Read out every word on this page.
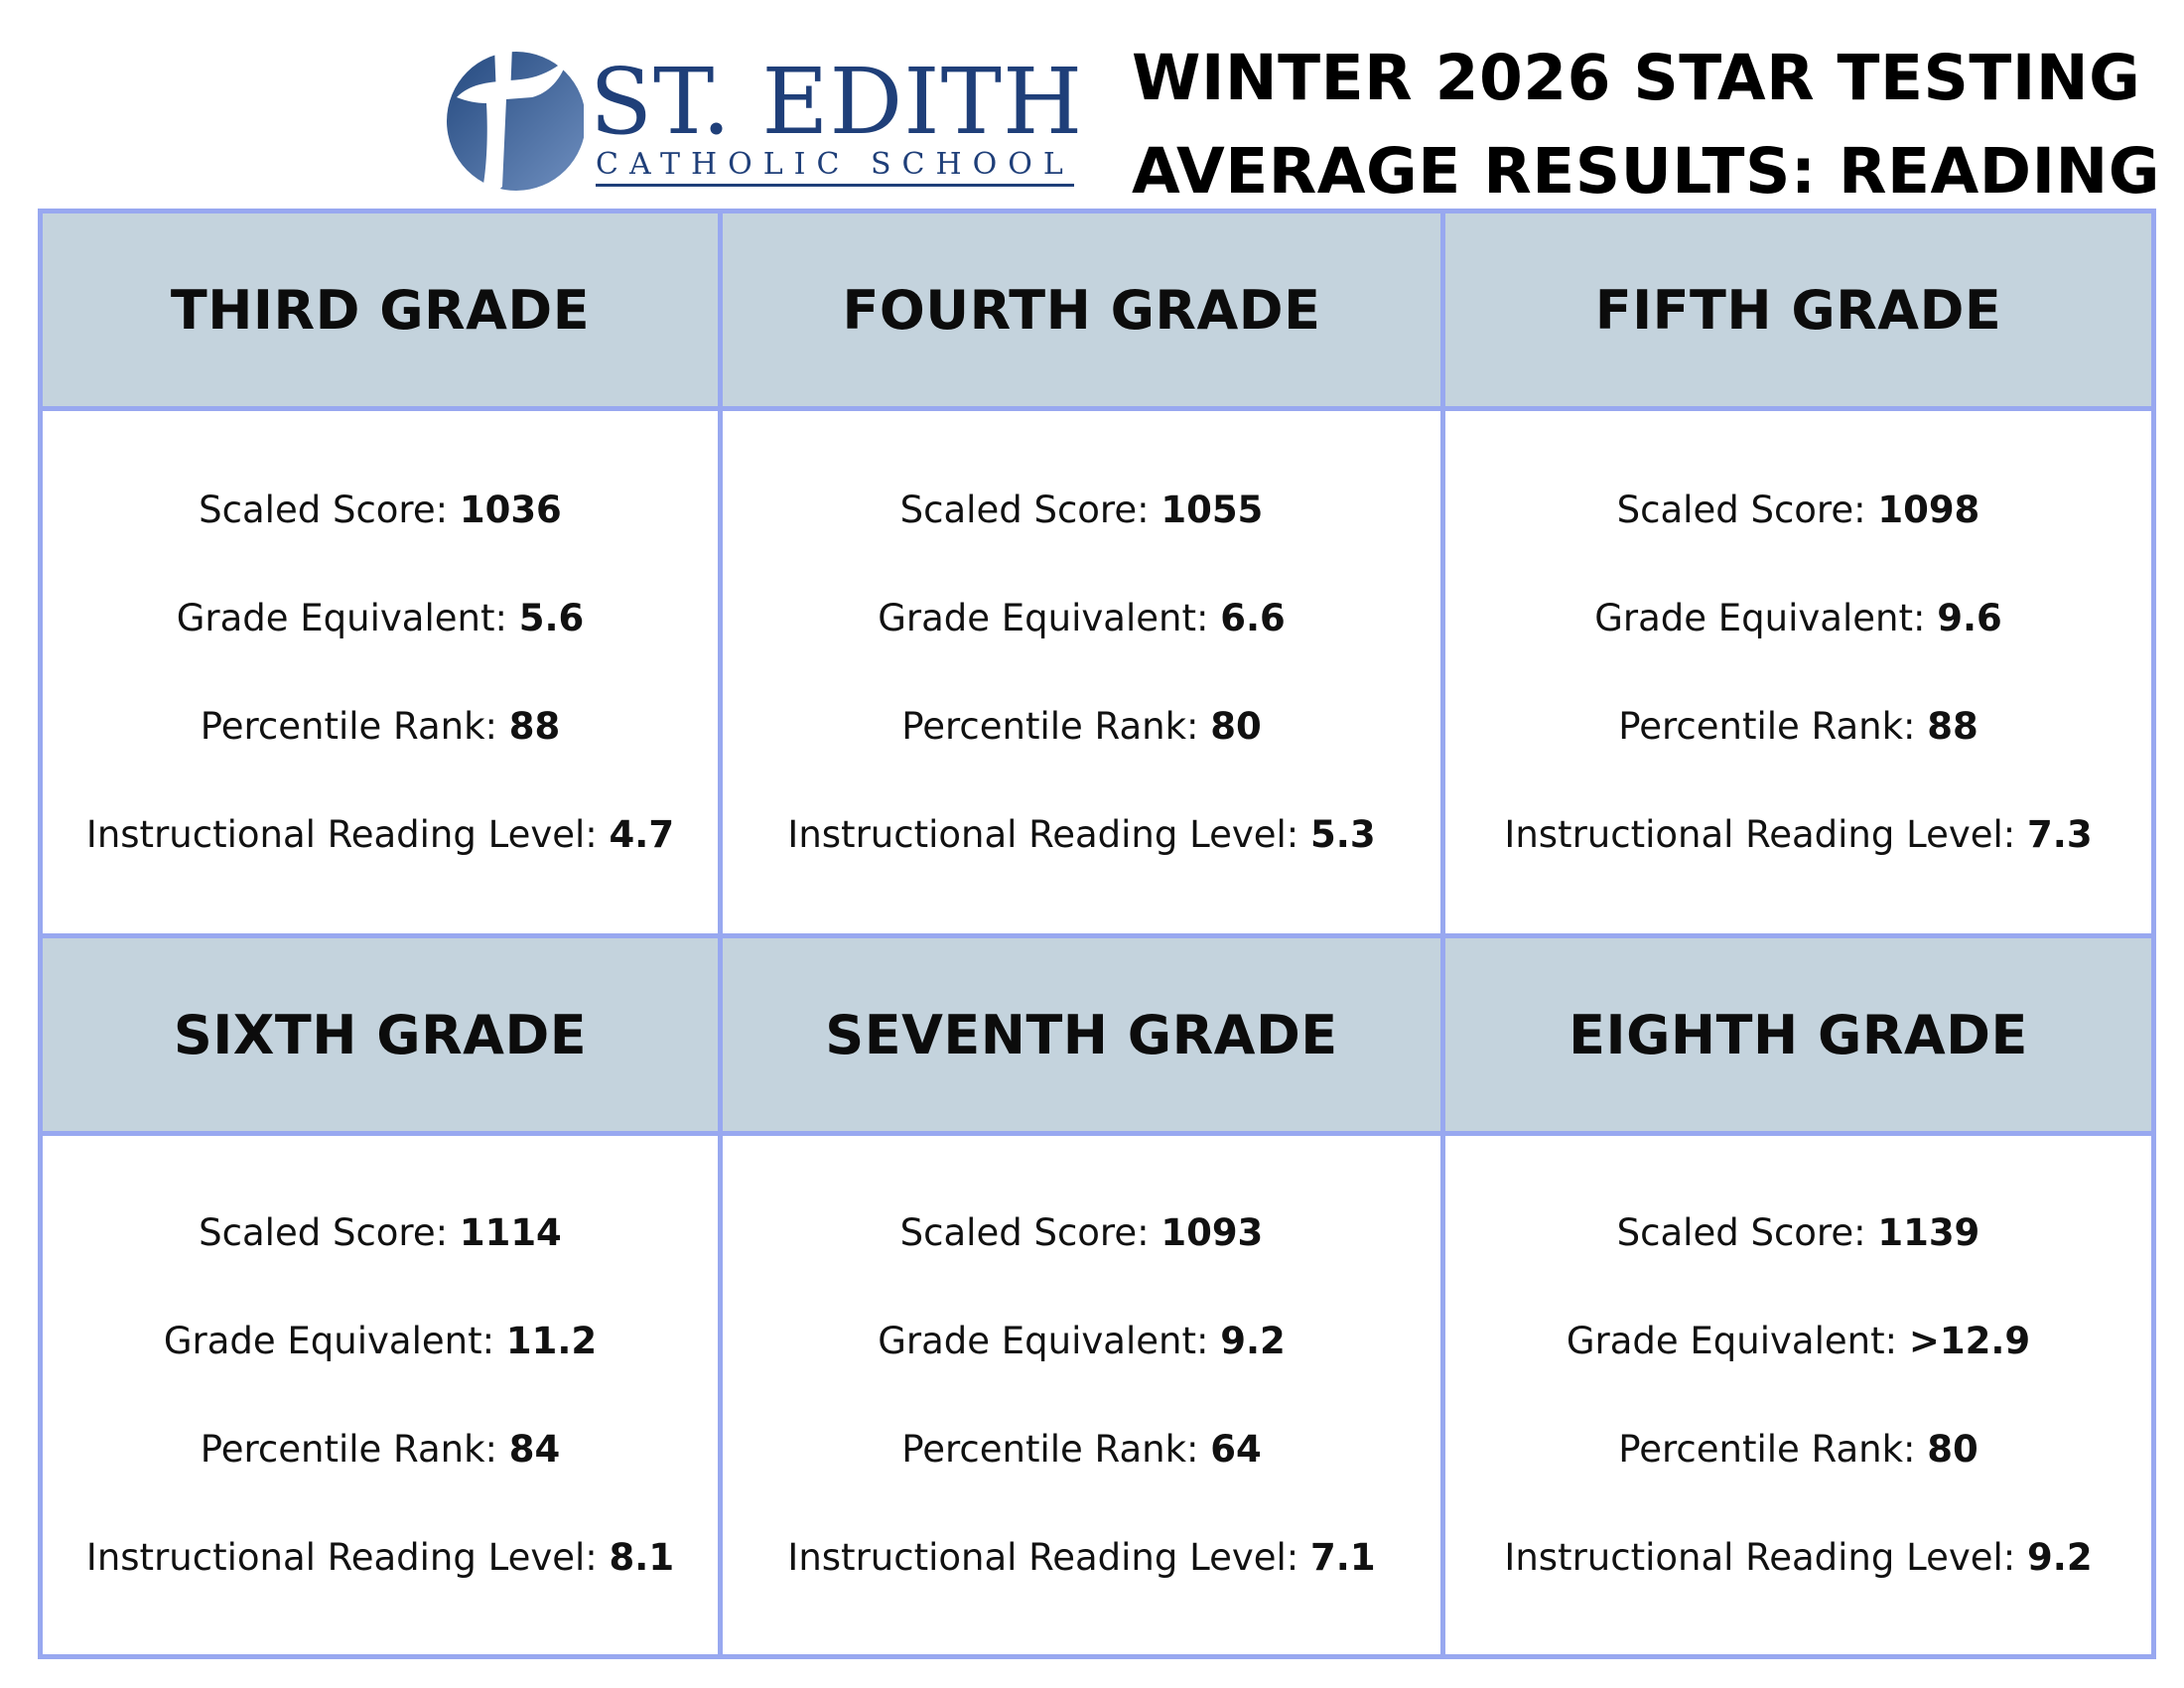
ST. EDITH
CATHOLIC SCHOOL
WINTER 2026 STAR TESTING
AVERAGE RESULTS: READING
THIRD GRADE	FOURTH GRADE	FIFTH GRADE
Scaled Score: 1036
Grade Equivalent: 5.6
Percentile Rank: 88
Instructional Reading Level: 4.7
Scaled Score: 1055
Grade Equivalent: 6.6
Percentile Rank: 80
Instructional Reading Level: 5.3
Scaled Score: 1098
Grade Equivalent: 9.6
Percentile Rank: 88
Instructional Reading Level: 7.3
SIXTH GRADE	SEVENTH GRADE	EIGHTH GRADE
Scaled Score: 1114
Grade Equivalent: 11.2
Percentile Rank: 84
Instructional Reading Level: 8.1
Scaled Score: 1093
Grade Equivalent: 9.2
Percentile Rank: 64
Instructional Reading Level: 7.1
Scaled Score: 1139
Grade Equivalent: >12.9
Percentile Rank: 80
Instructional Reading Level: 9.2
